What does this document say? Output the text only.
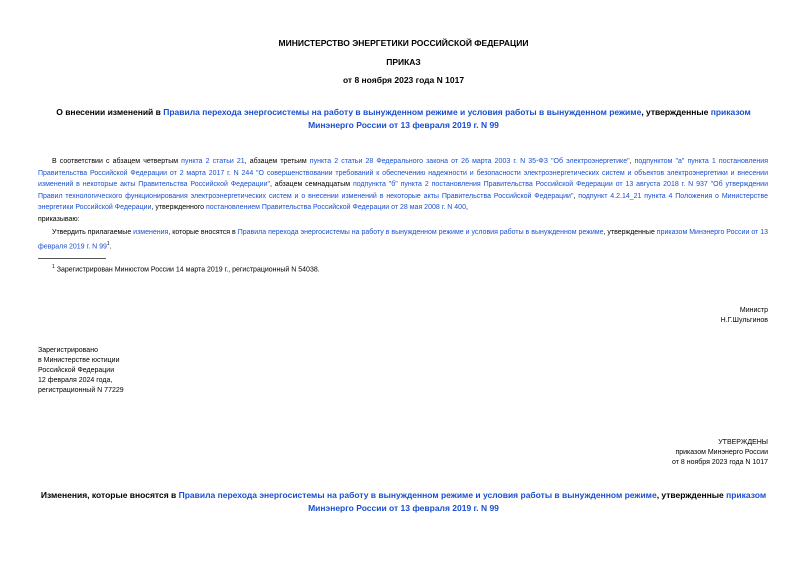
МИНИСТЕРСТВО ЭНЕРГЕТИКИ РОССИЙСКОЙ ФЕДЕРАЦИИ
ПРИКАЗ
от 8 ноября 2023 года N 1017
О внесении изменений в Правила перехода энергосистемы на работу в вынужденном режиме и условия работы в вынужденном режиме, утвержденные приказом Минэнерго России от 13 февраля 2019 г. N 99
В соответствии с абзацем четвертым пункта 2 статьи 21, абзацем третьим пункта 2 статьи 28 Федерального закона от 26 марта 2003 г. N 35-ФЗ "Об электроэнергетике", подпунктом "а" пункта 1 постановления Правительства Российской Федерации от 2 марта 2017 г. N 244 "О совершенствовании требований к обеспечению надежности и безопасности электроэнергетических систем и объектов электроэнергетики и внесении изменений в некоторые акты Правительства Российской Федерации", абзацем семнадцатым подпункта "б" пункта 2 постановления Правительства Российской Федерации от 13 августа 2018 г. N 937 "Об утверждении Правил технологического функционирования электроэнергетических систем и о внесении изменений в некоторые акты Правительства Российской Федерации", подпункт 4.2.14_21 пункта 4 Положения о Министерстве энергетики Российской Федерации, утвержденного постановлением Правительства Российской Федерации от 28 мая 2008 г. N 400,
приказываю:
Утвердить прилагаемые изменения, которые вносятся в Правила перехода энергосистемы на работу в вынужденном режиме и условия работы в вынужденном режиме, утвержденные приказом Минэнерго России от 13 февраля 2019 г. N $99^1$.
$^1$ Зарегистрирован Минюстом России 14 марта 2019 г., регистрационный N 54038.
Министр
Н.Г.Шульгинов
Зарегистрировано
в Министерстве юстиции
Российской Федерации
12 февраля 2024 года,
регистрационный N 77229
УТВЕРЖДЕНЫ
приказом Минэнерго России
от 8 ноября 2023 года N 1017
Изменения, которые вносятся в Правила перехода энергосистемы на работу в вынужденном режиме и условия работы в вынужденном режиме, утвержденные приказом Минэнерго России от 13 февраля 2019 г. N 99
